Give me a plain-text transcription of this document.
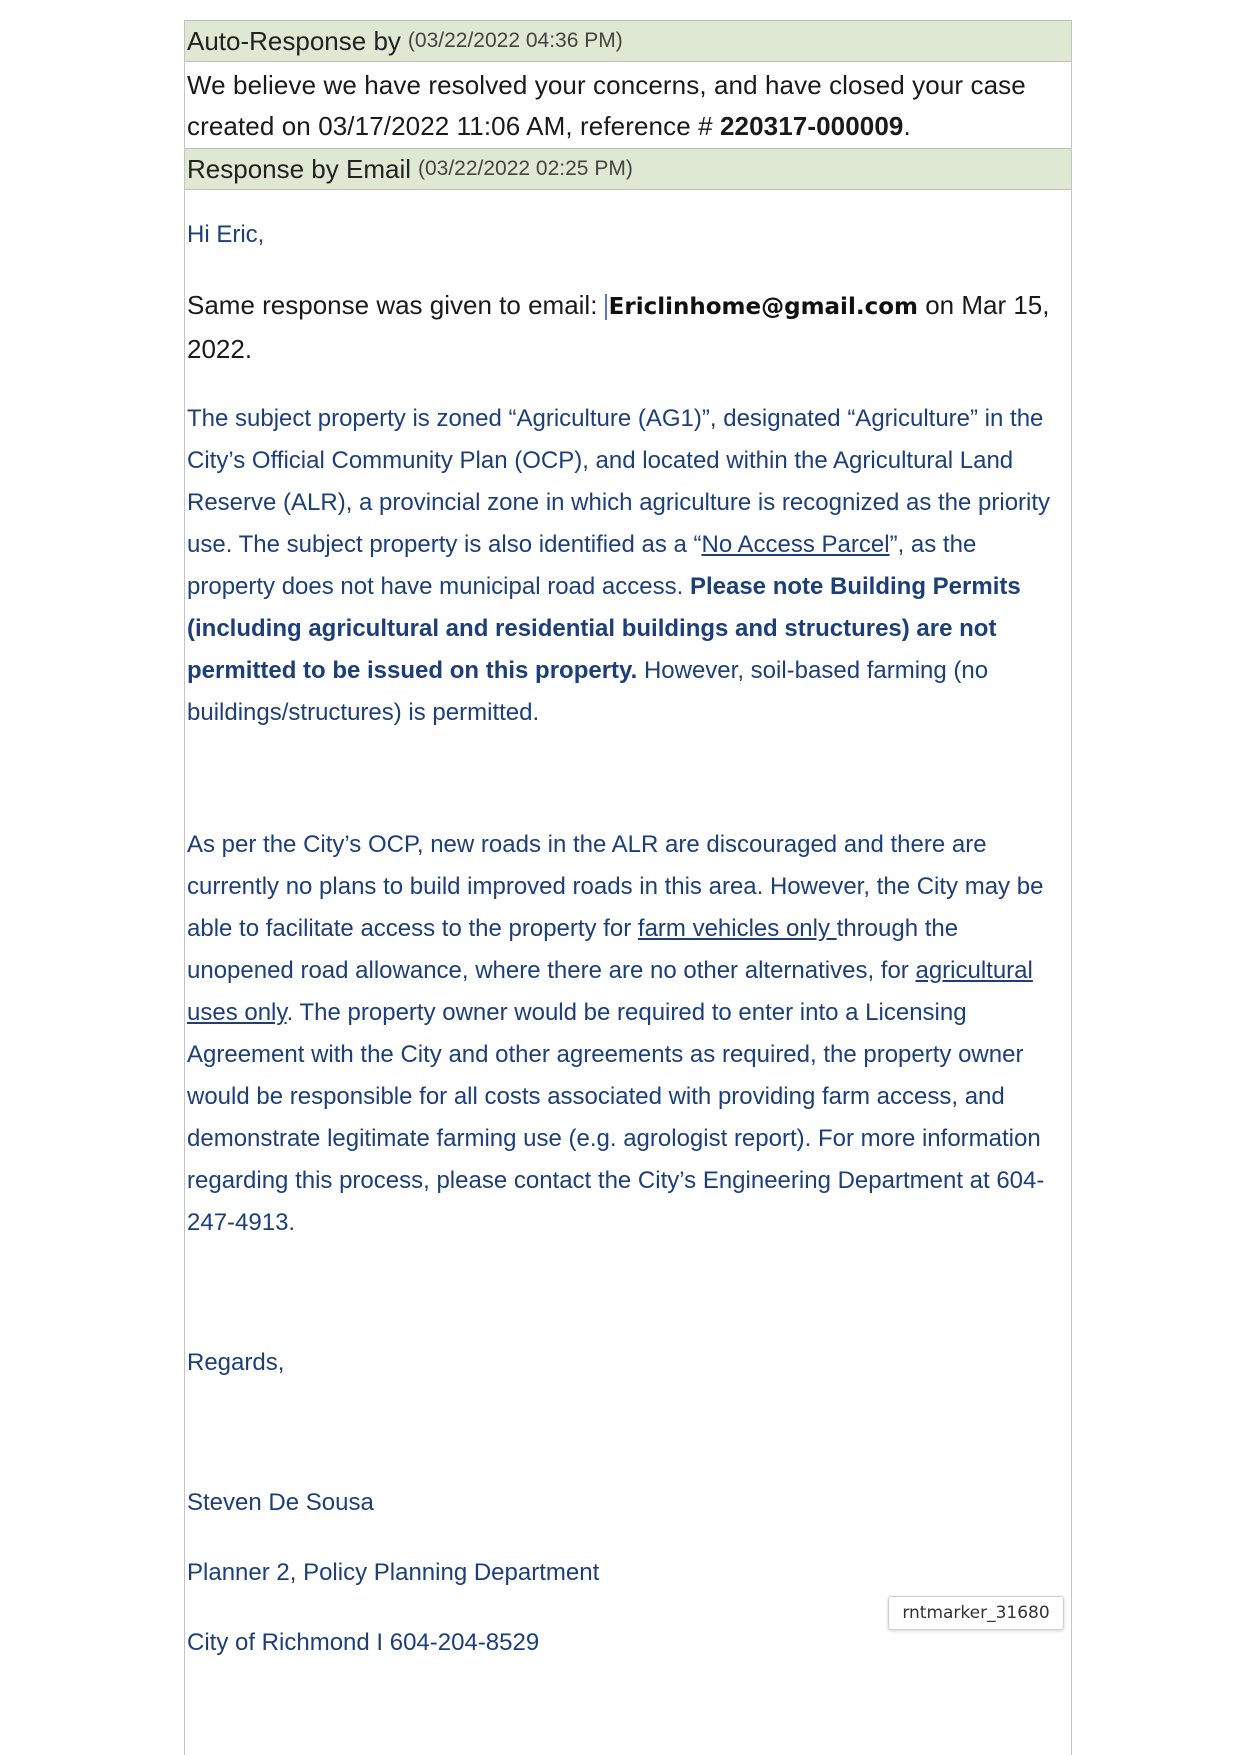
Auto-Response by (03/22/2022 04:36 PM)
We believe we have resolved your concerns, and have closed your case
created on 03/17/2022 11:06 AM, reference # 220317-000009.
Response by Email (03/22/2022 02:25 PM)

Hi Eric,

Same response was given to email: Ericlinhome@gmail.com on Mar 15, 2022.

The subject property is zoned “Agriculture (AG1)”, designated “Agriculture” in the City’s Official Community Plan (OCP), and located within the Agricultural Land Reserve (ALR), a provincial zone in which agriculture is recognized as the priority use. The subject property is also identified as a “No Access Parcel”, as the property does not have municipal road access. Please note Building Permits (including agricultural and residential buildings and structures) are not permitted to be issued on this property. However, soil-based farming (no buildings/structures) is permitted.

As per the City’s OCP, new roads in the ALR are discouraged and there are currently no plans to build improved roads in this area. However, the City may be able to facilitate access to the property for farm vehicles only through the unopened road allowance, where there are no other alternatives, for agricultural uses only. The property owner would be required to enter into a Licensing Agreement with the City and other agreements as required, the property owner would be responsible for all costs associated with providing farm access, and demonstrate legitimate farming use (e.g. agrologist report). For more information regarding this process, please contact the City’s Engineering Department at 604-247-4913.

Regards,

Steven De Sousa

Planner 2, Policy Planning Department

City of Richmond I 604-204-8529

rntmarker_31680
